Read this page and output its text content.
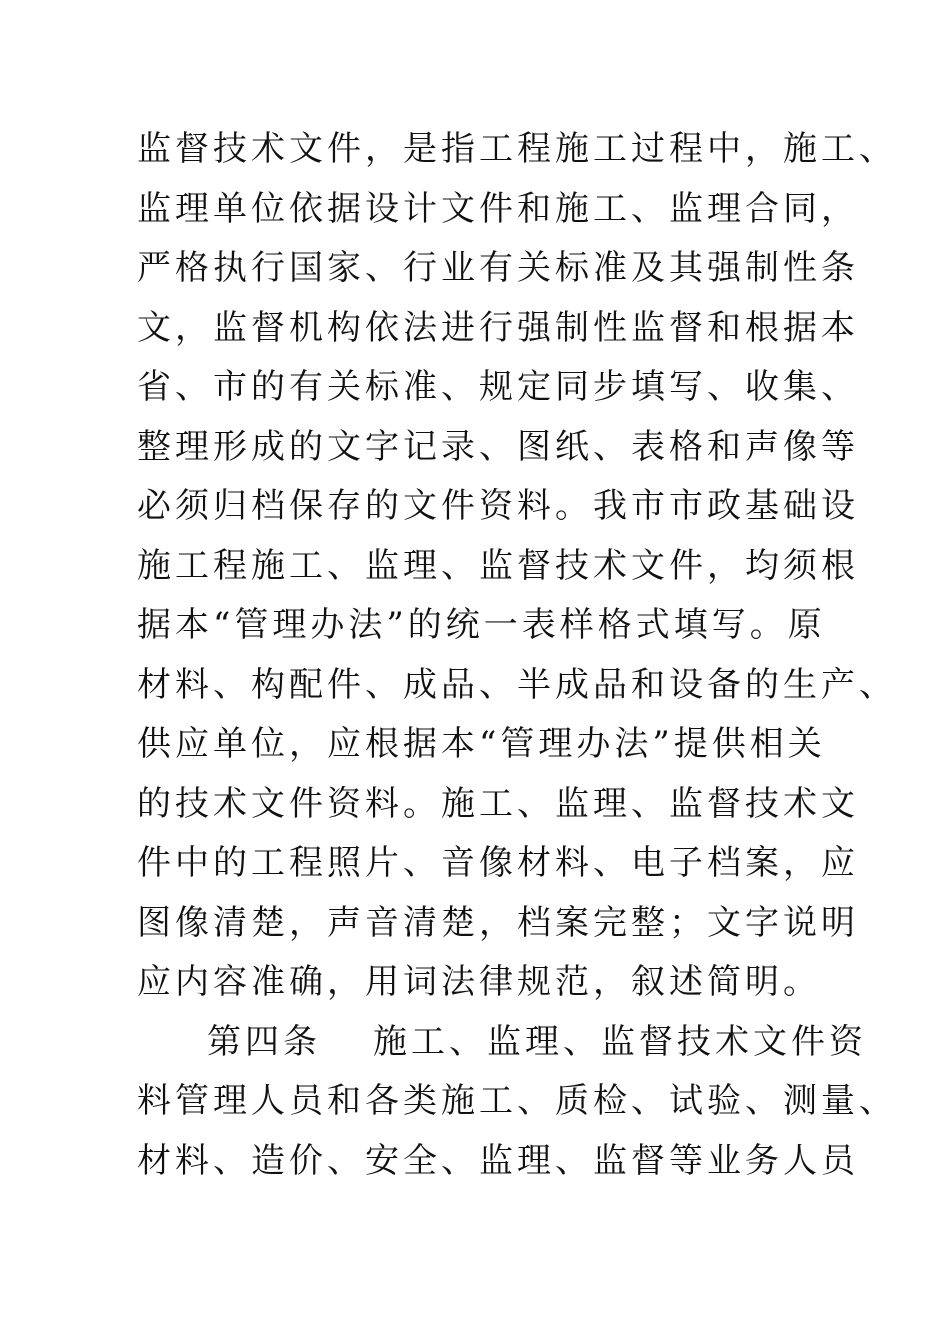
监督技术文件，是指工程施工过程中，施工、
监理单位依据设计文件和施工、监理合同，
严格执行国家、行业有关标准及其强制性条
文，监督机构依法进行强制性监督和根据本
省、市的有关标准、规定同步填写、收集、
整理形成的文字记录、图纸、表格和声像等
必须归档保存的文件资料。我市市政基础设
施工程施工、监理、监督技术文件，均须根
据本“管理办法”的统一表样格式填写。原
材料、构配件、成品、半成品和设备的生产、
供应单位，应根据本“管理办法”提供相关
的技术文件资料。施工、监理、监督技术文
件中的工程照片、音像材料、电子档案，应
图像清楚，声音清楚，档案完整；文字说明
应内容准确，用词法律规范，叙述简明。
第四条 施工、监理、监督技术文件资
料管理人员和各类施工、质检、试验、测量、
材料、造价、安全、监理、监督等业务人员
